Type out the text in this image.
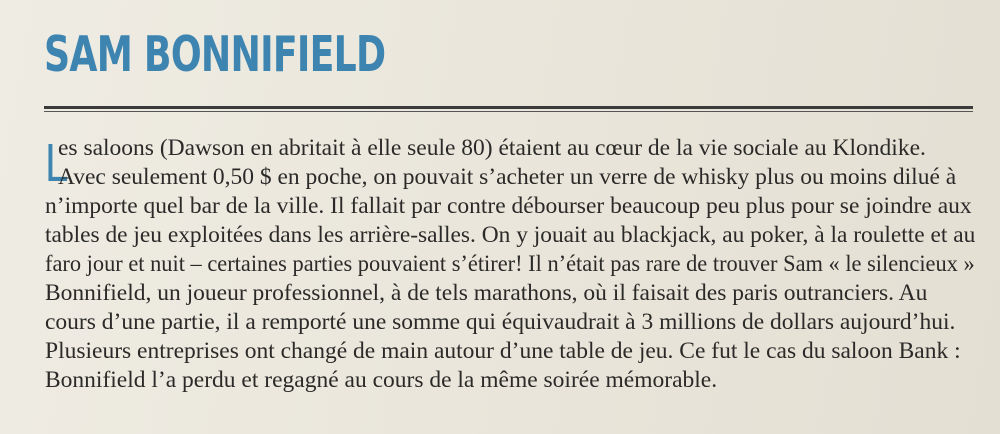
SAM BONNIFIELD
L

es saloons (Dawson en abritait à elle seule 80) étaient au cœur de la vie sociale au Klondike.

Avec seulement 0,50 $ en poche, on pouvait s’acheter un verre de whisky plus ou moins dilué à

n’importe quel bar de la ville. Il fallait par contre débourser beaucoup peu plus pour se joindre aux

tables de jeu exploitées dans les arrière-salles. On y jouait au blackjack, au poker, à la roulette et au

faro jour et nuit – certaines parties pouvaient s’étirer! Il n’était pas rare de trouver Sam « le silencieux »

Bonnifield, un joueur professionnel, à de tels marathons, où il faisait des paris outranciers. Au

cours d’une partie, il a remporté une somme qui équivaudrait à 3 millions de dollars aujourd’hui.

Plusieurs entreprises ont changé de main autour d’une table de jeu. Ce fut le cas du saloon Bank :

Bonnifield l’a perdu et regagné au cours de la même soirée mémorable.
